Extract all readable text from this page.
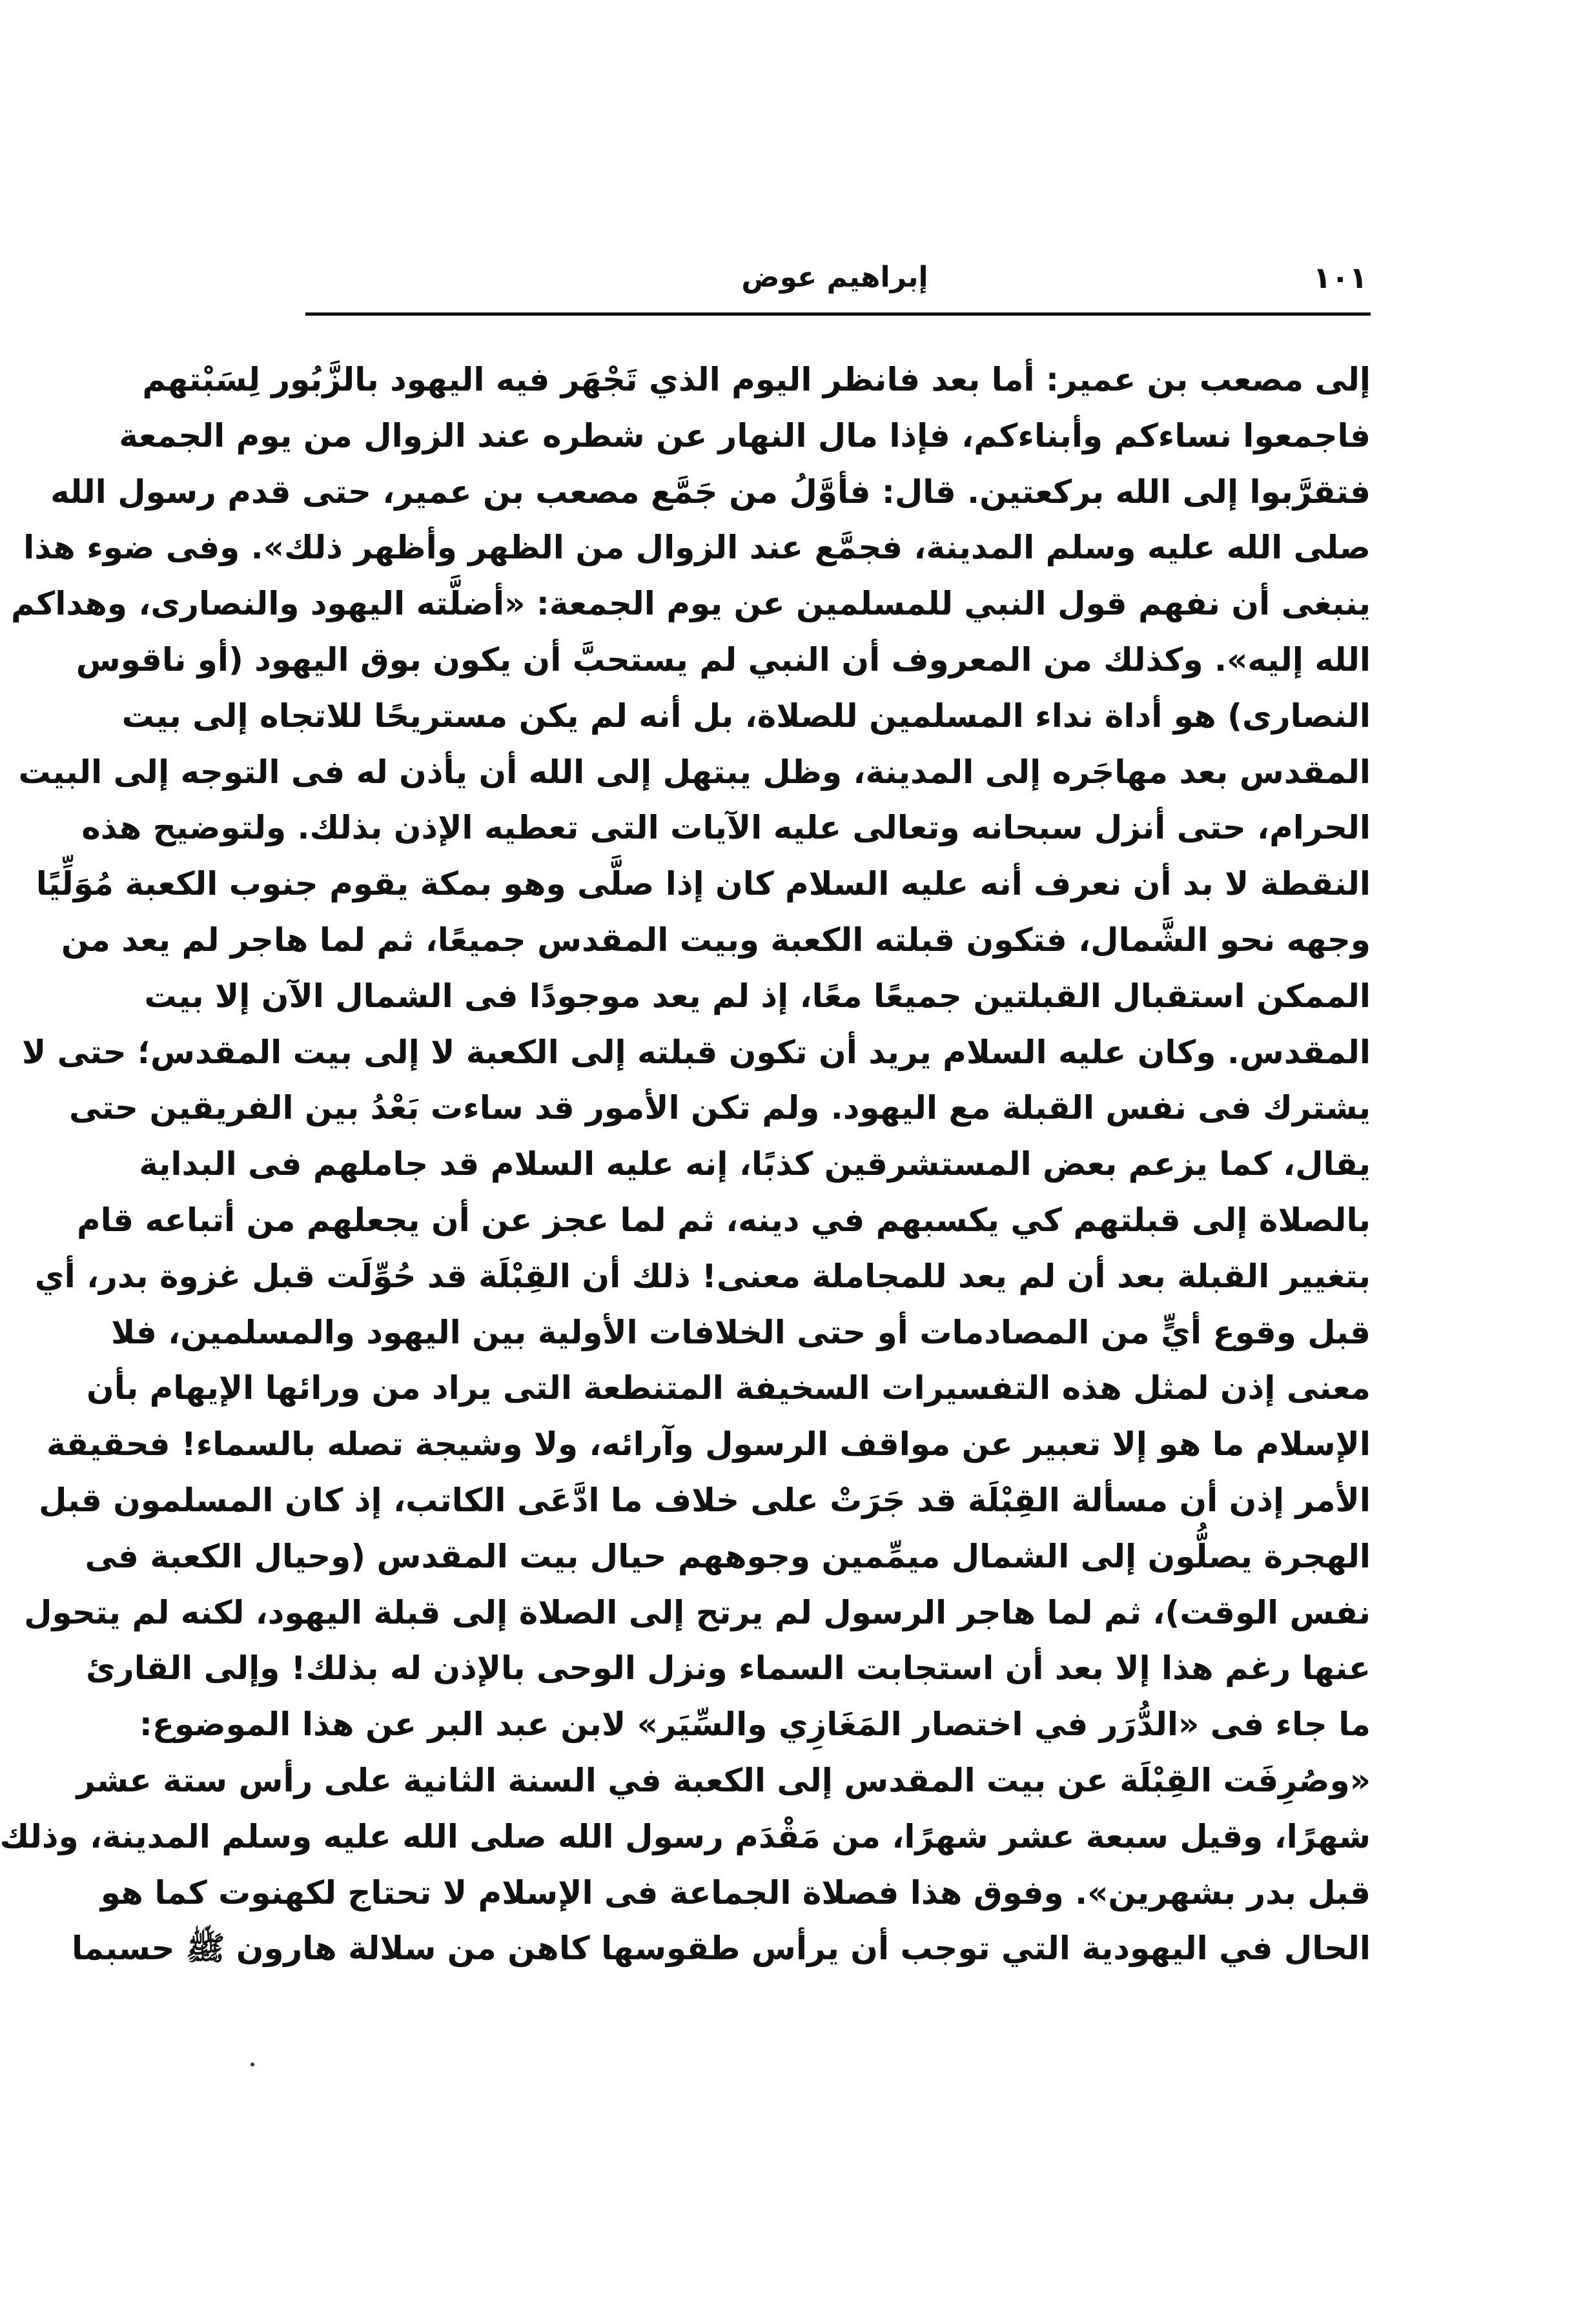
١٠١
إبراهيم عوض
إلى مصعب بن عمير: أما بعد فانظر اليوم الذي تَجْهَر فيه اليهود بالزَّبُور لِسَبْتهم
فاجمعوا نساءكم وأبناءكم، فإذا مال النهار عن شطره عند الزوال من يوم الجمعة
فتقرَّبوا إلى الله بركعتين. قال: فأوَّلُ من جَمَّع مصعب بن عمير، حتى قدم رسول الله
صلى الله عليه وسلم المدينة، فجمَّع عند الزوال من الظهر وأظهر ذلك». وفى ضوء هذا
ينبغى أن نفهم قول النبي للمسلمين عن يوم الجمعة: «أضلَّته اليهود والنصارى، وهداكم
الله إليه». وكذلك من المعروف أن النبي لم يستحبَّ أن يكون بوق اليهود (أو ناقوس
النصارى) هو أداة نداء المسلمين للصلاة، بل أنه لم يكن مستريحًا للاتجاه إلى بيت
المقدس بعد مهاجَره إلى المدينة، وظل يبتهل إلى الله أن يأذن له فى التوجه إلى البيت
الحرام، حتى أنزل سبحانه وتعالى عليه الآيات التى تعطيه الإذن بذلك. ولتوضيح هذه
النقطة لا بد أن نعرف أنه عليه السلام كان إذا صلَّى وهو بمكة يقوم جنوب الكعبة مُوَلِّيًا
وجهه نحو الشَّمال، فتكون قبلته الكعبة وبيت المقدس جميعًا، ثم لما هاجر لم يعد من
الممكن استقبال القبلتين جميعًا معًا، إذ لم يعد موجودًا فى الشمال الآن إلا بيت
المقدس. وكان عليه السلام يريد أن تكون قبلته إلى الكعبة لا إلى بيت المقدس؛ حتى لا
يشترك فى نفس القبلة مع اليهود. ولم تكن الأمور قد ساءت بَعْدُ بين الفريقين حتى
يقال، كما يزعم بعض المستشرقين كذبًا، إنه عليه السلام قد جاملهم فى البداية
بالصلاة إلى قبلتهم كي يكسبهم في دينه، ثم لما عجز عن أن يجعلهم من أتباعه قام
بتغيير القبلة بعد أن لم يعد للمجاملة معنى! ذلك أن القِبْلَة قد حُوِّلَت قبل غزوة بدر، أي
قبل وقوع أيٍّ من المصادمات أو حتى الخلافات الأولية بين اليهود والمسلمين، فلا
معنى إذن لمثل هذه التفسيرات السخيفة المتنطعة التى يراد من ورائها الإيهام بأن
الإسلام ما هو إلا تعبير عن مواقف الرسول وآرائه، ولا وشيجة تصله بالسماء! فحقيقة
الأمر إذن أن مسألة القِبْلَة قد جَرَتْ على خلاف ما ادَّعَى الكاتب، إذ كان المسلمون قبل
الهجرة يصلُّون إلى الشمال ميمِّمين وجوههم حيال بيت المقدس (وحيال الكعبة فى
نفس الوقت)، ثم لما هاجر الرسول لم يرتح إلى الصلاة إلى قبلة اليهود، لكنه لم يتحول
عنها رغم هذا إلا بعد أن استجابت السماء ونزل الوحى بالإذن له بذلك! وإلى القارئ
ما جاء فى «الدُّرَر في اختصار المَغَازِي والسِّيَر» لابن عبد البر عن هذا الموضوع:
«وصُرِفَت القِبْلَة عن بيت المقدس إلى الكعبة في السنة الثانية على رأس ستة عشر
شهرًا، وقيل سبعة عشر شهرًا، من مَقْدَم رسول الله صلى الله عليه وسلم المدينة، وذلك
قبل بدر بشهرين». وفوق هذا فصلاة الجماعة فى الإسلام لا تحتاج لكهنوت كما هو
الحال في اليهودية التي توجب أن يرأس طقوسها كاهن من سلالة هارون ﷺ حسبما
